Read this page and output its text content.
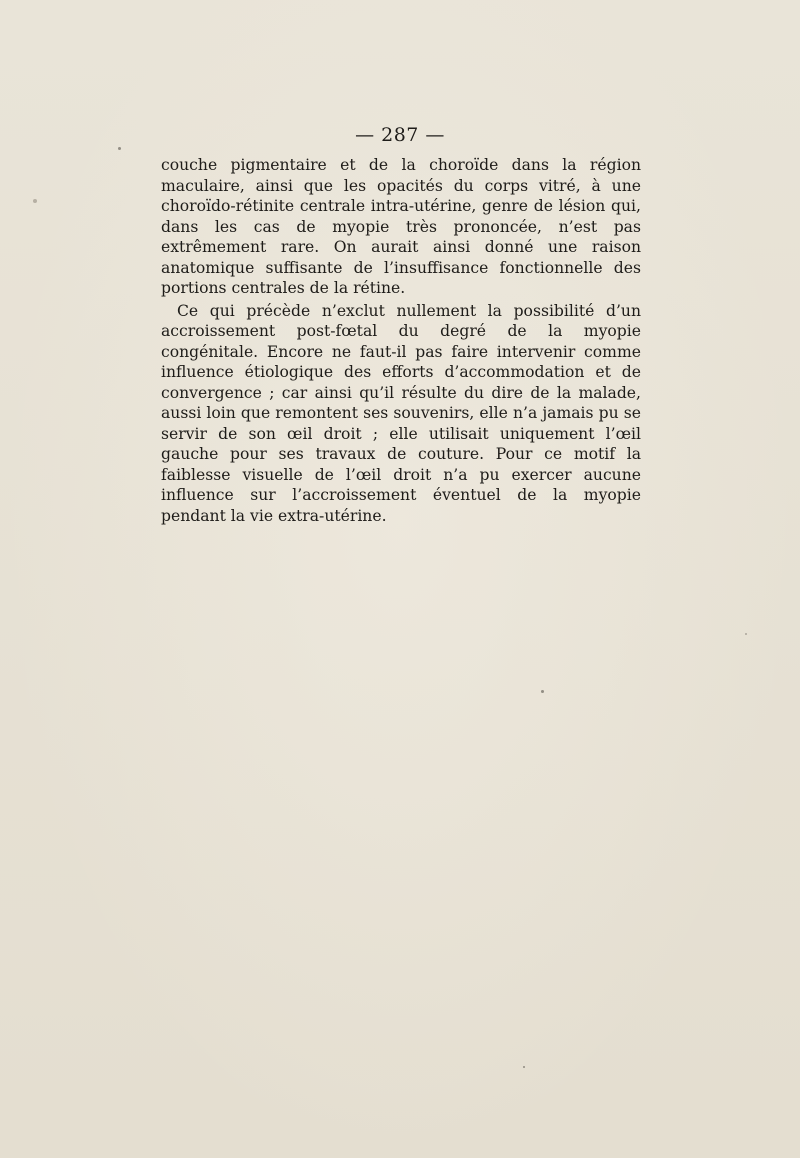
— 287 —

couche pigmentaire et de la choroïde dans la région maculaire, ainsi que les opacités du corps vitré, à une choroïdo-rétinite centrale intra-utérine, genre de lésion qui, dans les cas de myopie très prononcée, n’est pas extrêmement rare. On aurait ainsi donné une raison anatomique suffisante de l’insuffisance fonctionnelle des portions centrales de la rétine.

Ce qui précède n’exclut nullement la possibilité d’un accroissement post-fœtal du degré de la myopie congénitale. Encore ne faut-il pas faire intervenir comme influence étiologique des efforts d’accommodation et de convergence ; car ainsi qu’il résulte du dire de la malade, aussi loin que remontent ses souvenirs, elle n’a jamais pu se servir de son œil droit ; elle utilisait uniquement l’œil gauche pour ses travaux de couture. Pour ce motif la faiblesse visuelle de l’œil droit n’a pu exercer aucune influence sur l’accroissement éventuel de la myopie pendant la vie extra-utérine.
